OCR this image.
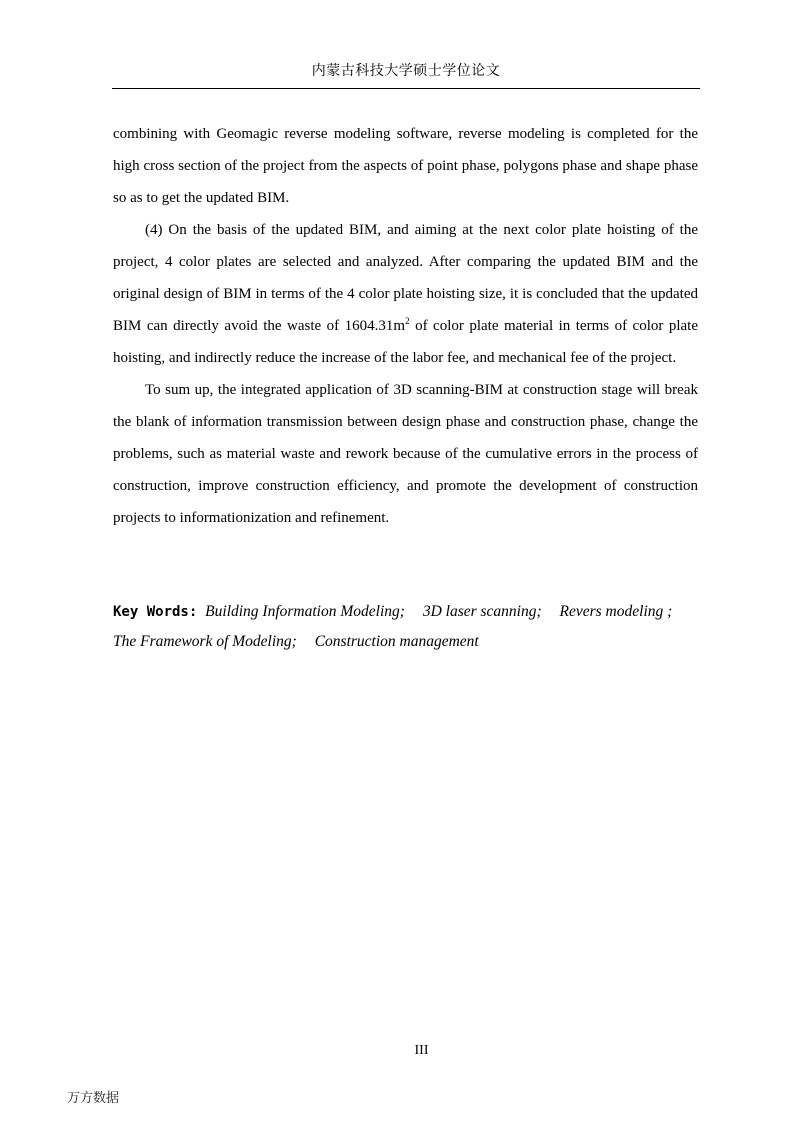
内蒙古科技大学硕士学位论文

combining with Geomagic reverse modeling software, reverse modeling is completed for the high cross section of the project from the aspects of point phase, polygons phase and shape phase so as to get the updated BIM.

(4) On the basis of the updated BIM, and aiming at the next color plate hoisting of the project, 4 color plates are selected and analyzed. After comparing the updated BIM and the original design of BIM in terms of the 4 color plate hoisting size, it is concluded that the updated BIM can directly avoid the waste of $1604.31m^2$ of color plate material in terms of color plate hoisting, and indirectly reduce the increase of the labor fee, and mechanical fee of the project.

To sum up, the integrated application of 3D scanning-BIM at construction stage will break the blank of information transmission between design phase and construction phase, change the problems, such as material waste and rework because of the cumulative errors in the process of construction, improve construction efficiency, and promote the development of construction projects to informationization and refinement.

Key Words: Building Information Modeling; 3D laser scanning; Revers modeling ;
The Framework of Modeling; Construction management
III
万方数据
